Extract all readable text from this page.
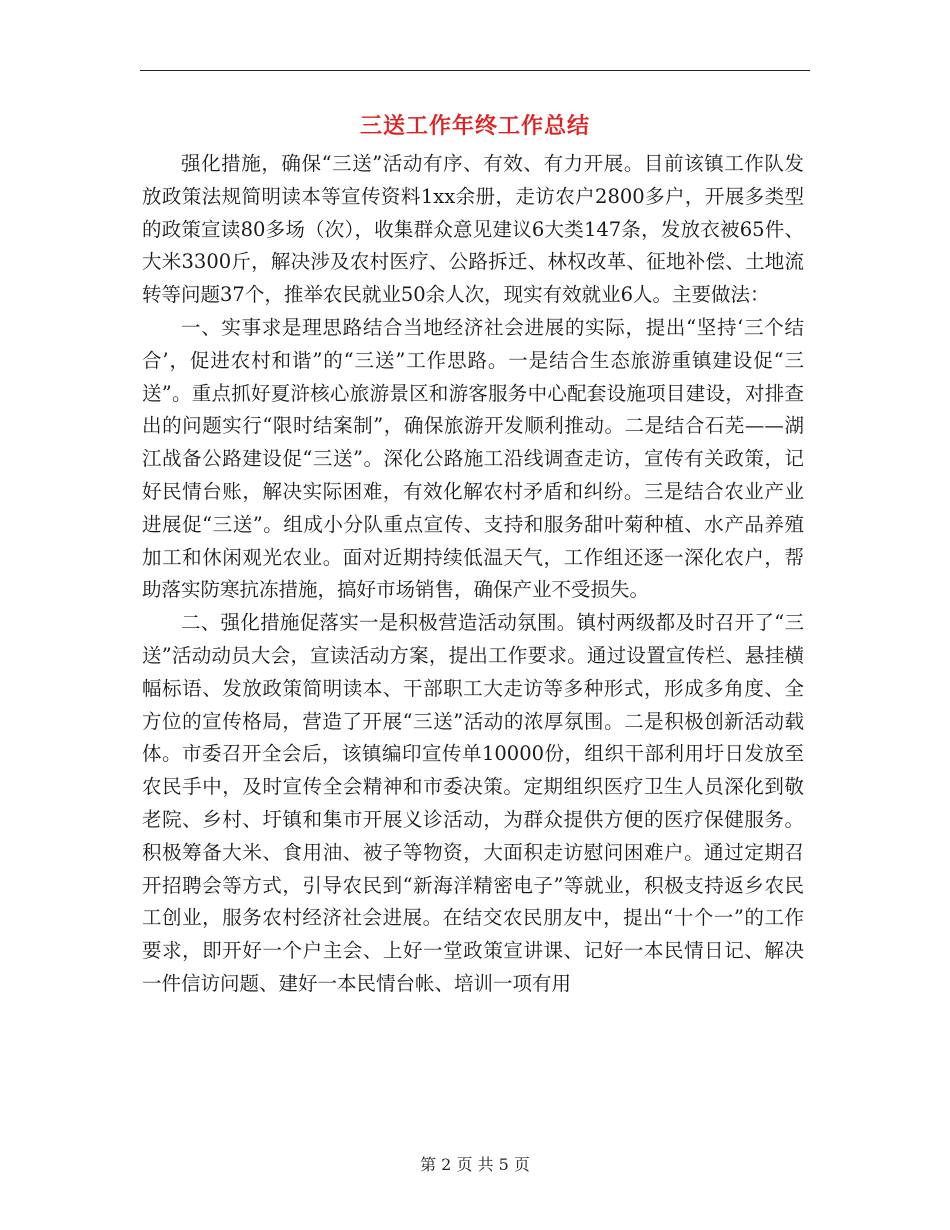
三送工作年终工作总结

强化措施，确保“三送”活动有序、有效、有力开展。目前该镇工作队发放政策法规简明读本等宣传资料1xx余册，走访农户2800多户，开展多类型的政策宣读80多场（次），收集群众意见建议6大类147条，发放衣被65件、大米3300斤，解决涉及农村医疗、公路拆迁、林权改革、征地补偿、土地流转等问题37个，推举农民就业50余人次，现实有效就业6人。主要做法：

一、实事求是理思路结合当地经济社会进展的实际，提出“坚持‘三个结合’，促进农村和谐”的“三送”工作思路。一是结合生态旅游重镇建设促“三送”。重点抓好夏浒核心旅游景区和游客服务中心配套设施项目建设，对排查出的问题实行“限时结案制”，确保旅游开发顺利推动。二是结合石芜——湖江战备公路建设促“三送”。深化公路施工沿线调查走访，宣传有关政策，记好民情台账，解决实际困难，有效化解农村矛盾和纠纷。三是结合农业产业进展促“三送”。组成小分队重点宣传、支持和服务甜叶菊种植、水产品养殖加工和休闲观光农业。面对近期持续低温天气，工作组还逐一深化农户，帮助落实防寒抗冻措施，搞好市场销售，确保产业不受损失。

二、强化措施促落实一是积极营造活动氛围。镇村两级都及时召开了“三送”活动动员大会，宣读活动方案，提出工作要求。通过设置宣传栏、悬挂横幅标语、发放政策简明读本、干部职工大走访等多种形式，形成多角度、全方位的宣传格局，营造了开展“三送”活动的浓厚氛围。二是积极创新活动载体。市委召开全会后，该镇编印宣传单10000份，组织干部利用圩日发放至农民手中，及时宣传全会精神和市委决策。定期组织医疗卫生人员深化到敬老院、乡村、圩镇和集市开展义诊活动，为群众提供方便的医疗保健服务。积极筹备大米、食用油、被子等物资，大面积走访慰问困难户。通过定期召开招聘会等方式，引导农民到“新海洋精密电子”等就业，积极支持返乡农民工创业，服务农村经济社会进展。在结交农民朋友中，提出“十个一”的工作要求，即开好一个户主会、上好一堂政策宣讲课、记好一本民情日记、解决一件信访问题、建好一本民情台帐、培训一项有用

第 2 页 共 5 页
